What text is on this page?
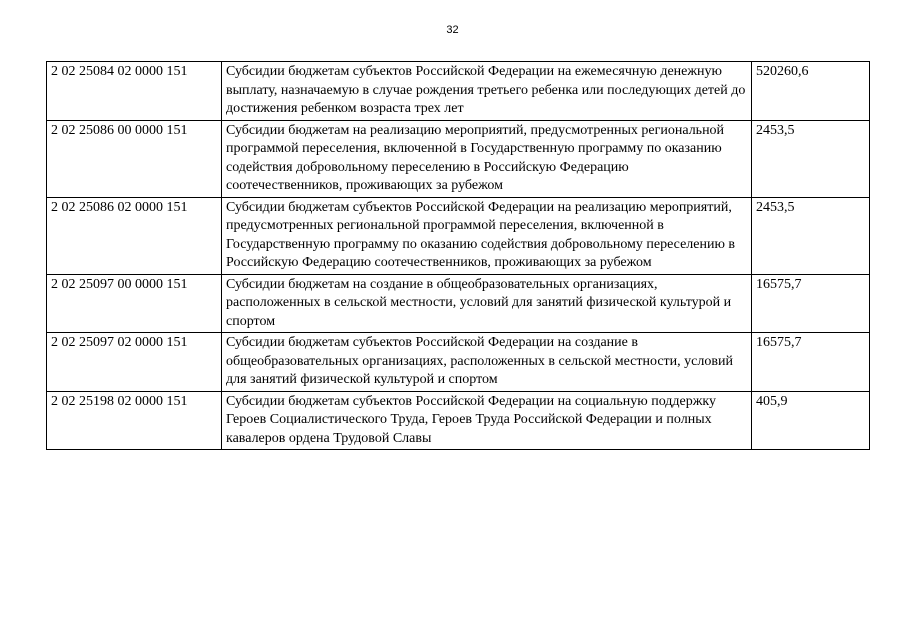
32
2 02 25084 02 0000 151	Субсидии бюджетам субъектов Российской Федерации на ежемесячную денежную выплату, назначаемую в случае рождения третьего ребенка или последующих детей до достижения ребенком возраста трех лет	520260,6
2 02 25086 00 0000 151	Субсидии бюджетам на реализацию мероприятий, предусмотренных региональной программой переселения, включенной в Государственную программу по оказанию содействия добровольному переселению в Российскую Федерацию соотечественников, проживающих за рубежом	2453,5
2 02 25086 02 0000 151	Субсидии бюджетам субъектов Российской Федерации на реализацию мероприятий, предусмотренных региональной программой переселения, включенной в Государственную программу по оказанию содействия добровольному переселению в Российскую Федерацию соотечественников, проживающих за рубежом	2453,5
2 02 25097 00 0000 151	Субсидии бюджетам на создание в общеобразовательных организациях, расположенных в сельской местности, условий для занятий физической культурой и спортом	16575,7
2 02 25097 02 0000 151	Субсидии бюджетам субъектов Российской Федерации на создание в общеобразовательных организациях, расположенных в сельской местности, условий для занятий физической культурой и спортом	16575,7
2 02 25198 02 0000 151	Субсидии бюджетам субъектов Российской Федерации на социальную поддержку Героев Социалистического Труда, Героев Труда Российской Федерации и полных кавалеров ордена Трудовой Славы	405,9
